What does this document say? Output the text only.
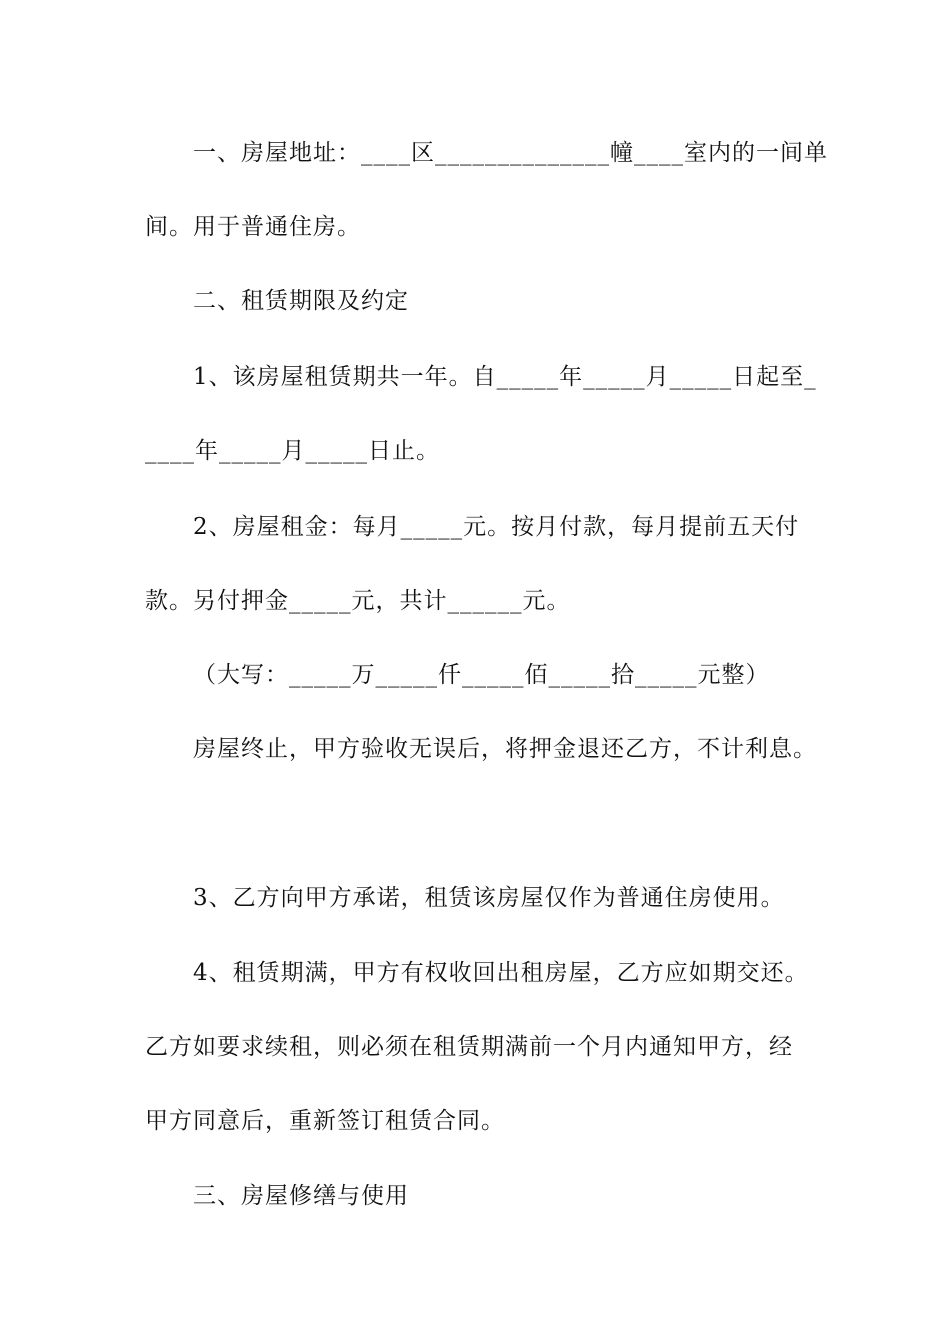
一、房屋地址：____区______________幢____室内的一间单
间。用于普通住房。
二、租赁期限及约定
1、该房屋租赁期共一年。自_____年_____月_____日起至_
____年_____月_____日止。
2、房屋租金：每月_____元。按月付款，每月提前五天付
款。另付押金_____元，共计______元。
（大写：_____万_____仟_____佰_____拾_____元整）
房屋终止，甲方验收无误后，将押金退还乙方，不计利息。
3、乙方向甲方承诺，租赁该房屋仅作为普通住房使用。
4、租赁期满，甲方有权收回出租房屋，乙方应如期交还。
乙方如要求续租，则必须在租赁期满前一个月内通知甲方，经
甲方同意后，重新签订租赁合同。
三、房屋修缮与使用
